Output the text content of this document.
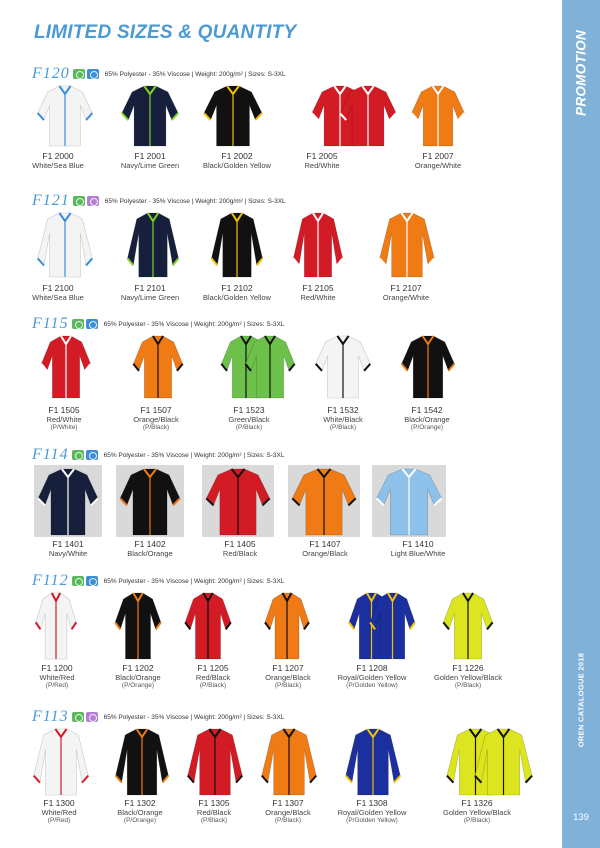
LIMITED SIZES & QUANTITY	PROMOTION
OREN CATALOGUE 2018
139
F120	65% Polyester - 35% Viscose | Weight: 200g/m² | Sizes: S-3XL
F1 2000
White/Sea Blue
F1 2001
Navy/Lime Green
F1 2002
Black/Golden Yellow
F1 2005
Red/White
F1 2007
Orange/White
F121	65% Polyester - 35% Viscose | Weight: 200g/m² | Sizes: S-3XL
F1 2100
White/Sea Blue
F1 2101
Navy/Lime Green
F1 2102
Black/Golden Yellow
F1 2105
Red/White
F1 2107
Orange/White
F115	65% Polyester - 35% Viscose | Weight: 200g/m² | Sizes: S-3XL
F1 1505
Red/White
(P/White)
F1 1507
Orange/Black
(P/Black)
F1 1523
Green/Black
(P/Black)
F1 1532
White/Black
(P/Black)
F1 1542
Black/Orange
(P/Orange)
F114	65% Polyester - 35% Viscose | Weight: 200g/m² | Sizes: S-3XL
F1 1401
Navy/White
F1 1402
Black/Orange
F1 1405
Red/Black
F1 1407
Orange/Black
F1 1410
Light Blue/White
F112	65% Polyester - 35% Viscose | Weight: 200g/m² | Sizes: S-3XL
F1 1200
White/Red
(P/Red)
F1 1202
Black/Orange
(P/Orange)
F1 1205
Red/Black
(P/Black)
F1 1207
Orange/Black
(P/Black)
F1 1208
Royal/Golden Yellow
(P/Golden Yellow)
F1 1226
Golden Yellow/Black
(P/Black)
F113	65% Polyester - 35% Viscose | Weight: 200g/m² | Sizes: S-3XL
F1 1300
White/Red
(P/Red)
F1 1302
Black/Orange
(P/Orange)
F1 1305
Red/Black
(P/Black)
F1 1307
Orange/Black
(P/Black)
F1 1308
Royal/Golden Yellow
(P/Golden Yellow)
F1 1326
Golden Yellow/Black
(P/Black)
